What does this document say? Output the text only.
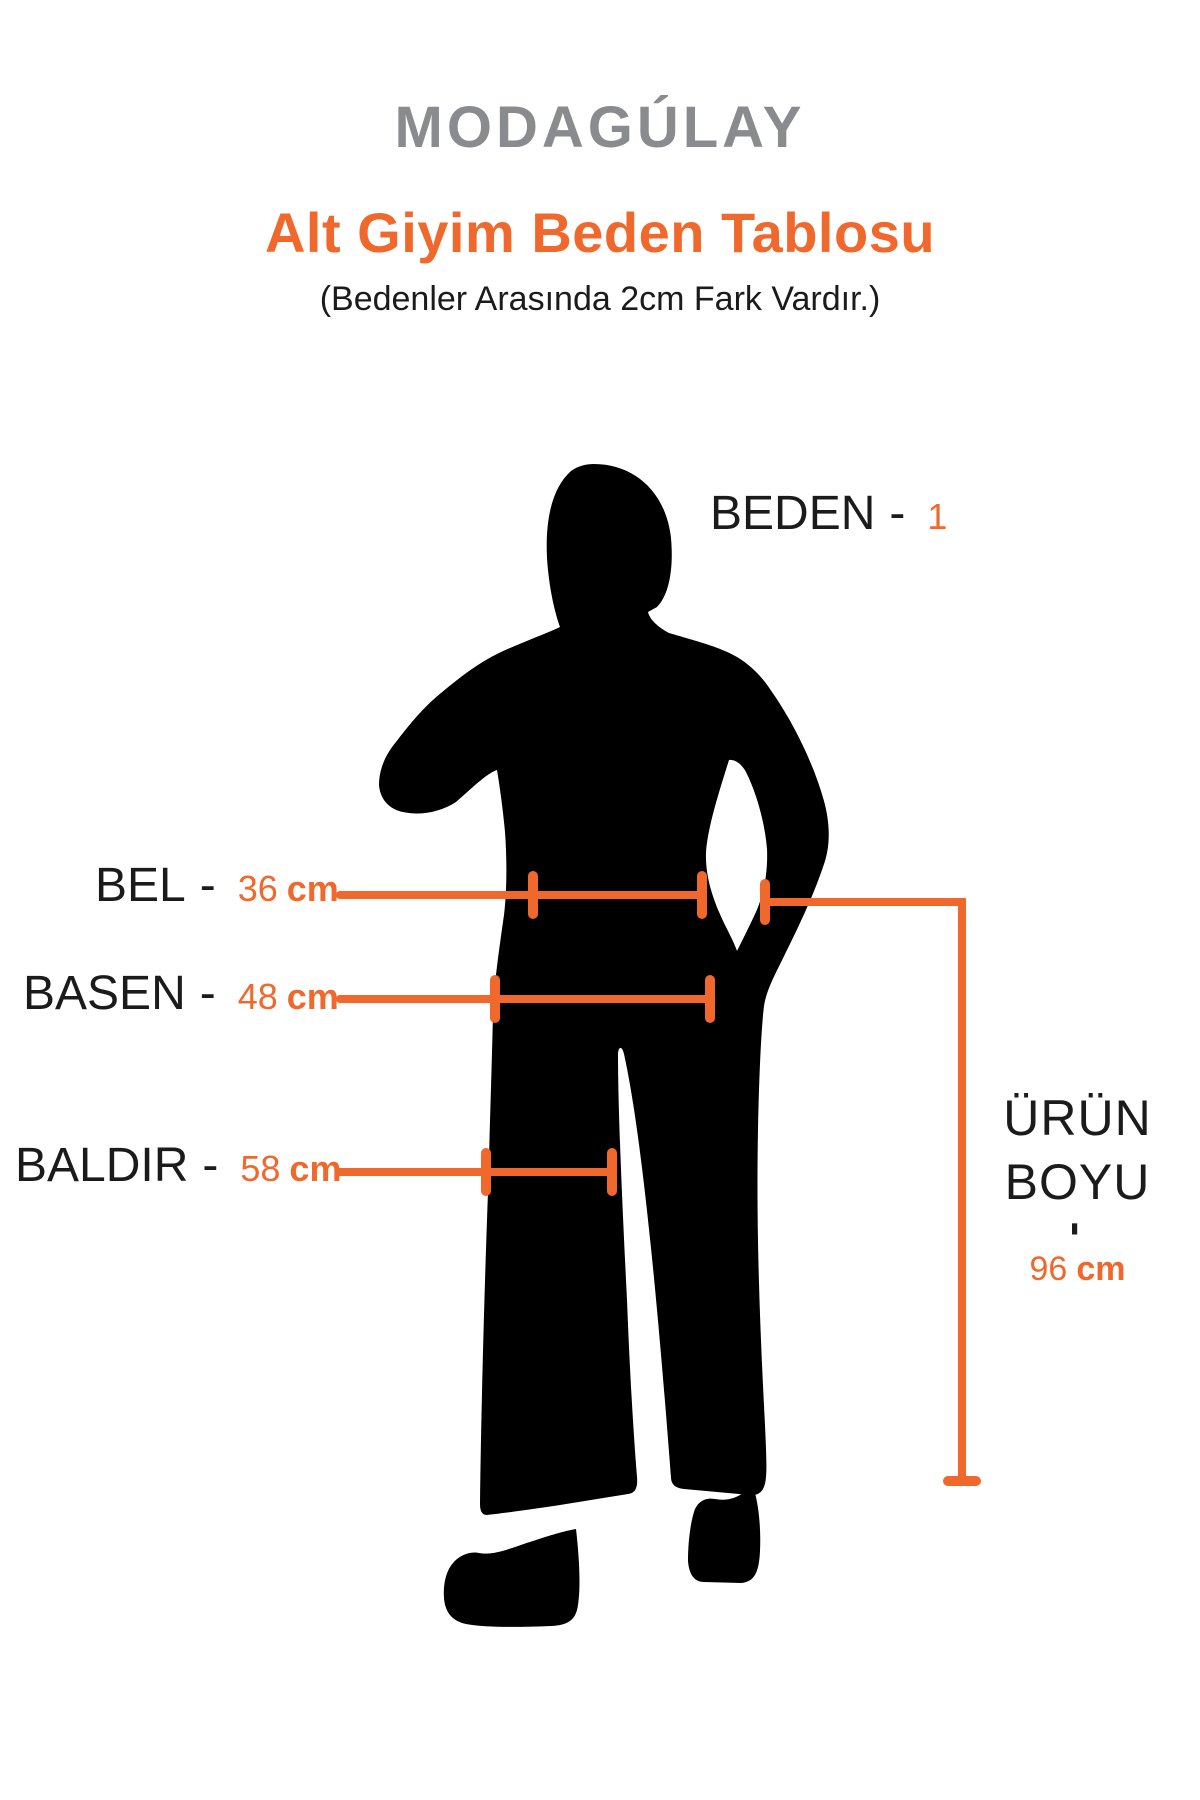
MODAGÚLAY
Alt Giyim Beden Tablosu
(Bedenler Arasında 2cm Fark Vardır.)
BEDEN - 1
BEL - 36 cm
BASEN - 48 cm
BALDIR - 58 cm
ÜRÜN
BOYU
-
96 cm
